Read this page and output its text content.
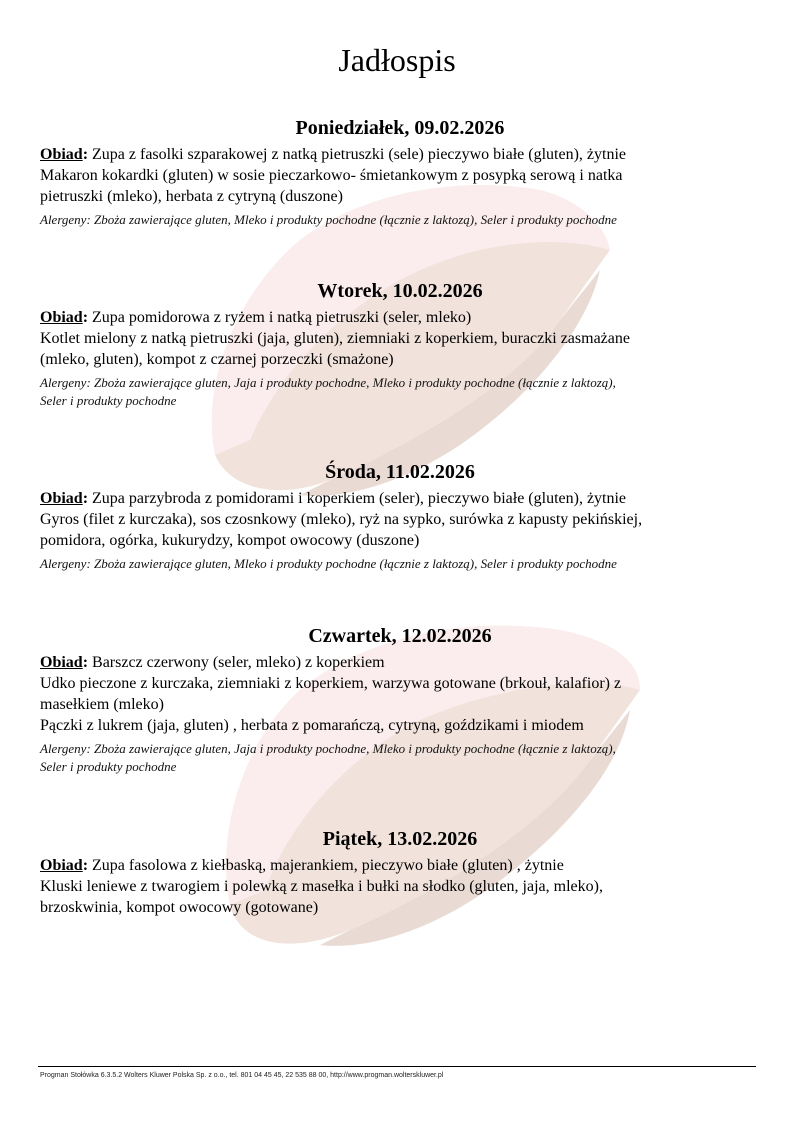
Jadłospis
Poniedziałek, 09.02.2026

Obiad: Zupa z fasolki szparakowej z natką pietruszki (sele) pieczywo białe (gluten), żytnie
Makaron kokardki (gluten) w sosie pieczarkowo- śmietankowym z posypką serową i natka
pietruszki (mleko), herbata z cytryną (duszone)

Alergeny: Zboża zawierające gluten, Mleko i produkty pochodne (łącznie z laktozą), Seler i produkty pochodne
Wtorek, 10.02.2026

Obiad: Zupa pomidorowa z ryżem i natką pietruszki (seler, mleko)
Kotlet mielony z natką pietruszki (jaja, gluten), ziemniaki z koperkiem, buraczki zasmażane
(mleko, gluten), kompot z czarnej porzeczki (smażone)

Alergeny: Zboża zawierające gluten, Jaja i produkty pochodne, Mleko i produkty pochodne (łącznie z laktozą),
Seler i produkty pochodne
Środa, 11.02.2026

Obiad: Zupa parzybroda z pomidorami i koperkiem (seler), pieczywo białe (gluten), żytnie
Gyros (filet z kurczaka), sos czosnkowy (mleko), ryż na sypko, surówka z kapusty pekińskiej,
pomidora, ogórka, kukurydzy, kompot owocowy (duszone)

Alergeny: Zboża zawierające gluten, Mleko i produkty pochodne (łącznie z laktozą), Seler i produkty pochodne
Czwartek, 12.02.2026

Obiad: Barszcz czerwony (seler, mleko) z koperkiem
Udko pieczone z kurczaka, ziemniaki z koperkiem, warzywa gotowane (brkouł, kalafior) z
masełkiem (mleko)
Pączki z lukrem (jaja, gluten) , herbata z pomarańczą, cytryną, goździkami i miodem

Alergeny: Zboża zawierające gluten, Jaja i produkty pochodne, Mleko i produkty pochodne (łącznie z laktozą),
Seler i produkty pochodne
Piątek, 13.02.2026

Obiad: Zupa fasolowa z kiełbaską, majerankiem, pieczywo białe (gluten) , żytnie
Kluski leniewe z twarogiem i polewką z masełka i bułki na słodko (gluten, jaja, mleko),
brzoskwinia, kompot owocowy (gotowane)

Progman Stołówka 6.3.5.2 Wolters Kluwer Polska Sp. z o.o., tel. 801 04 45 45, 22 535 88 00, http://www.progman.wolterskluwer.pl
